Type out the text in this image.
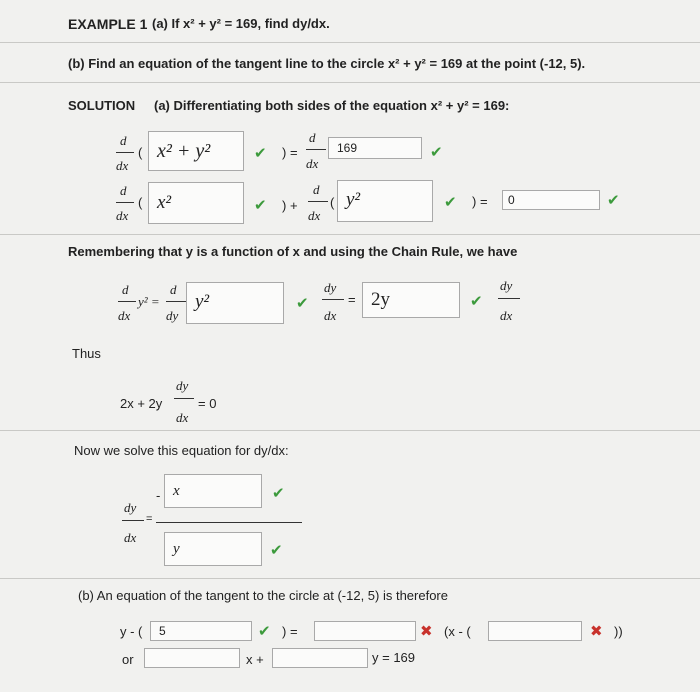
EXAMPLE 1 (a) If x² + y² = 169, find dy/dx.
(b) Find an equation of the tangent line to the circle x² + y² = 169 at the point (-12, 5).
SOLUTION (a) Differentiating both sides of the equation x² + y² = 169:
d
dx
( x² + y²	✔ ) =
d
dx
169	✔
d
dx
( x²	✔ ) +
d
dx
( y²	✔ ) = 0	✔
Remembering that y is a function of x and using the Chain Rule, we have
d
dx
y² =
d
dy
y²	✔
dy
dx
= 2y	✔
dy
dx
Thus
dy
2x + 2y	= 0
dx
Now we solve this equation for dy/dx:
- x	✔
dy
=
dx
y	✔
(b) An equation of the tangent to the circle at (-12, 5) is therefore
y - ( 5	✔ ) =	✖ (x - (	✖ ))
or	x +	y = 169
